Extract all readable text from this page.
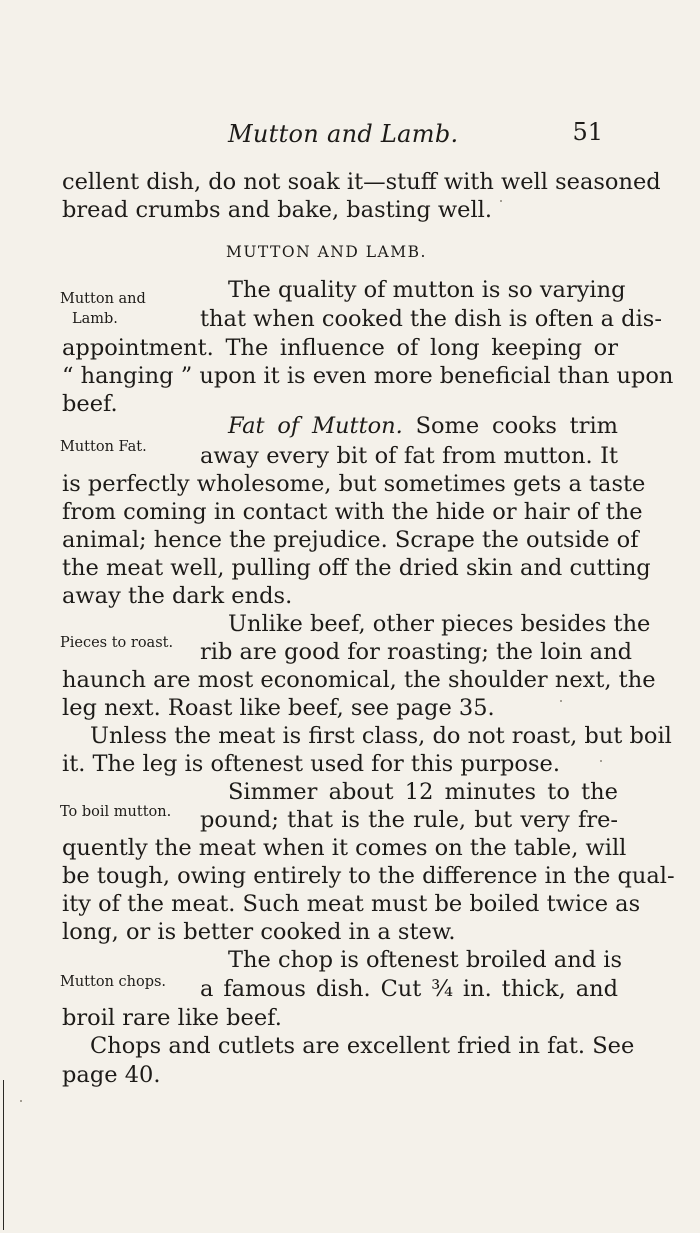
Mutton and Lamb.	51
cellent dish, do not soak it—stuff with well seasoned
bread crumbs and bake, basting well.
MUTTON AND LAMB.
Mutton and
Lamb.
The quality of mutton is so varying
that when cooked the dish is often a dis-
appointment. The influence of long keeping or
“ hanging ” upon it is even more beneficial than upon
beef.
Mutton Fat.
Fat of Mutton. Some cooks trim
away every bit of fat from mutton. It
is perfectly wholesome, but sometimes gets a taste
from coming in contact with the hide or hair of the
animal; hence the prejudice. Scrape the outside of
the meat well, pulling off the dried skin and cutting
away the dark ends.
Pieces to roast.
Unlike beef, other pieces besides the
rib are good for roasting; the loin and
haunch are most economical, the shoulder next, the
leg next. Roast like beef, see page 35.
Unless the meat is first class, do not roast, but boil
it. The leg is oftenest used for this purpose.
To boil mutton.
Simmer about 12 minutes to the
pound; that is the rule, but very fre-
quently the meat when it comes on the table, will
be tough, owing entirely to the difference in the qual-
ity of the meat. Such meat must be boiled twice as
long, or is better cooked in a stew.
Mutton chops.
The chop is oftenest broiled and is
a famous dish. Cut ¾ in. thick, and
broil rare like beef.
Chops and cutlets are excellent fried in fat. See
page 40.
